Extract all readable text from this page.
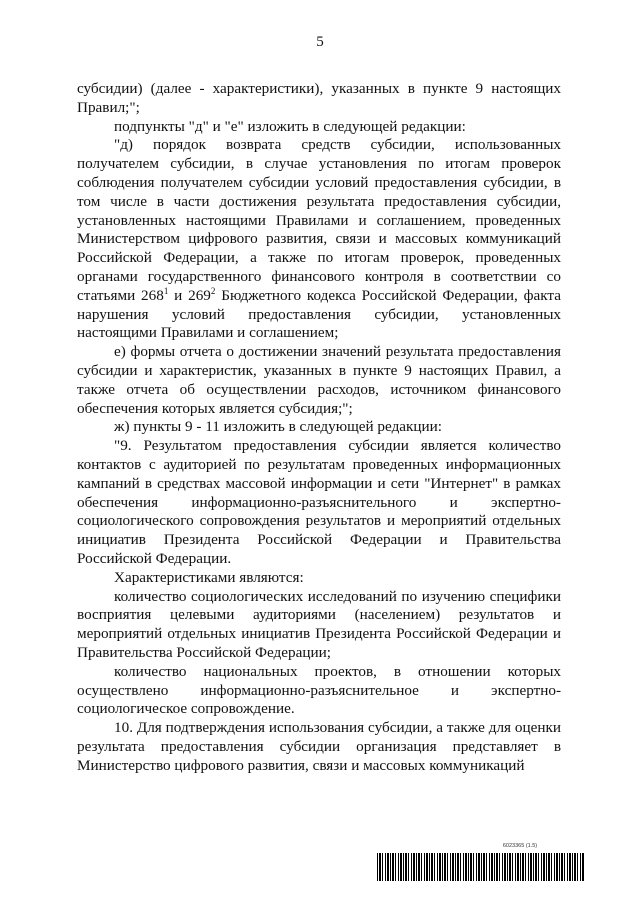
5

субсидии) (далее - характеристики), указанных в пункте 9 настоящих Правил;";

подпункты "д" и "е" изложить в следующей редакции:

"д) порядок возврата средств субсидии, использованных получателем субсидии, в случае установления по итогам проверок соблюдения получателем субсидии условий предоставления субсидии, в том числе в части достижения результата предоставления субсидии, установленных настоящими Правилами и соглашением, проведенных Министерством цифрового развития, связи и массовых коммуникаций Российской Федерации, а также по итогам проверок, проведенных органами государственного финансового контроля в соответствии со статьями $268^1$ и $269^2$ Бюджетного кодекса Российской Федерации, факта нарушения условий предоставления субсидии, установленных настоящими Правилами и соглашением;

е) формы отчета о достижении значений результата предоставления субсидии и характеристик, указанных в пункте 9 настоящих Правил, а также отчета об осуществлении расходов, источником финансового обеспечения которых является субсидия;";

ж) пункты 9 - 11 изложить в следующей редакции:

"9. Результатом предоставления субсидии является количество контактов с аудиторией по результатам проведенных информационных кампаний в средствах массовой информации и сети "Интернет" в рамках обеспечения информационно-разъяснительного и экспертно-социологического сопровождения результатов и мероприятий отдельных инициатив Президента Российской Федерации и Правительства Российской Федерации.

Характеристиками являются:

количество социологических исследований по изучению специфики восприятия целевыми аудиториями (населением) результатов и мероприятий отдельных инициатив Президента Российской Федерации и Правительства Российской Федерации;

количество национальных проектов, в отношении которых осуществлено информационно-разъяснительное и экспертно-социологическое сопровождение.

10. Для подтверждения использования субсидии, а также для оценки результата предоставления субсидии организация представляет в Министерство цифрового развития, связи и массовых коммуникаций

6023365 (1.5)
